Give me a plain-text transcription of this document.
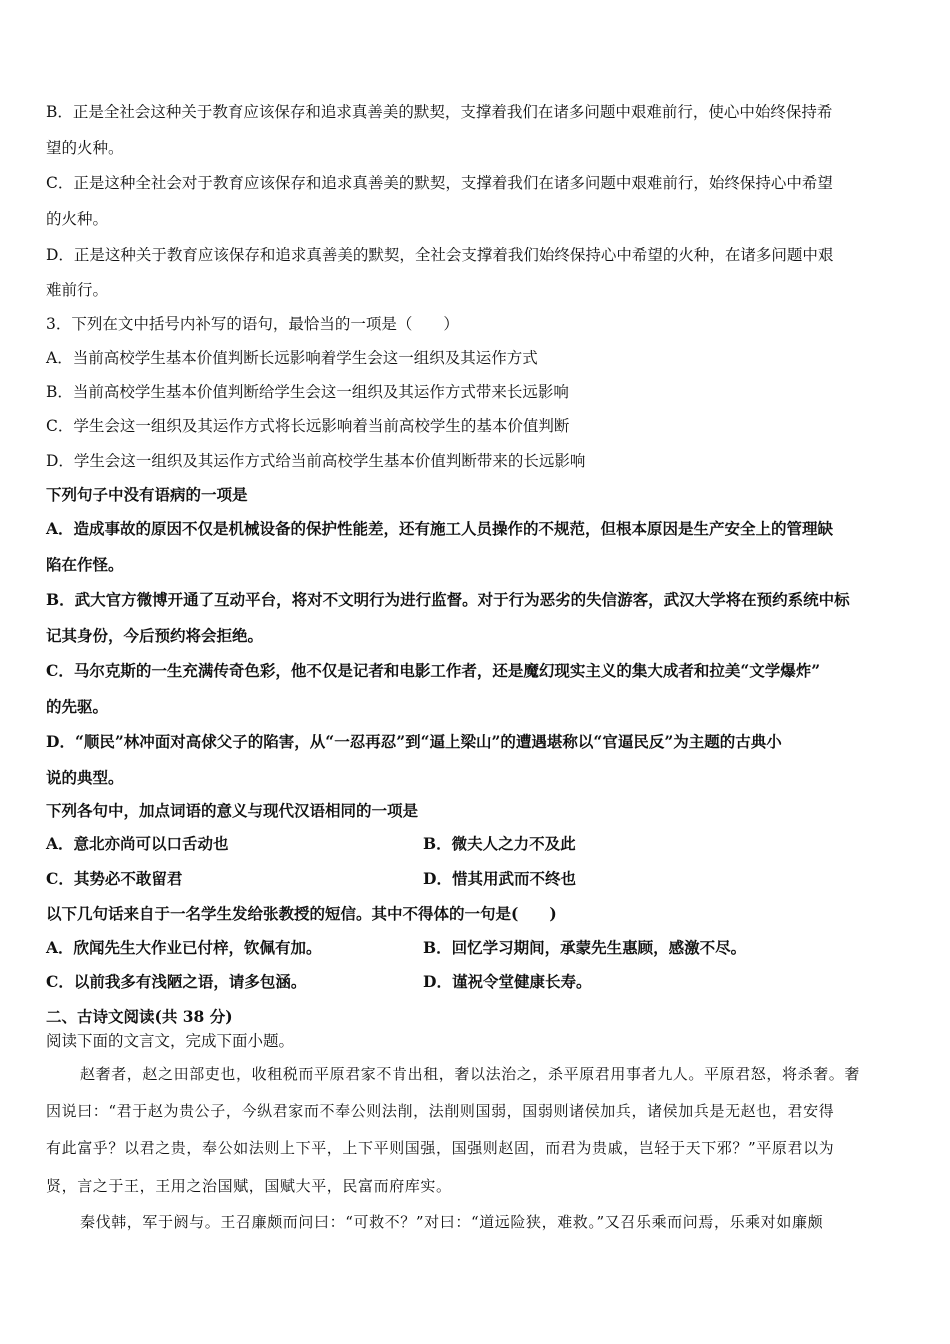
B．正是全社会这种关于教育应该保存和追求真善美的默契，支撑着我们在诸多问题中艰难前行，使心中始终保持希
望的火种。
C．正是这种全社会对于教育应该保存和追求真善美的默契，支撑着我们在诸多问题中艰难前行，始终保持心中希望
的火种。
D．正是这种关于教育应该保存和追求真善美的默契，全社会支撑着我们始终保持心中希望的火种，在诸多问题中艰
难前行。
3．下列在文中括号内补写的语句，最恰当的一项是（　　）
A．当前高校学生基本价值判断长远影响着学生会这一组织及其运作方式
B．当前高校学生基本价值判断给学生会这一组织及其运作方式带来长远影响
C．学生会这一组织及其运作方式将长远影响着当前高校学生的基本价值判断
D．学生会这一组织及其运作方式给当前高校学生基本价值判断带来的长远影响
下列句子中没有语病的一项是
A．造成事故的原因不仅是机械设备的保护性能差，还有施工人员操作的不规范，但根本原因是生产安全上的管理缺
陷在作怪。
B．武大官方微博开通了互动平台，将对不文明行为进行监督。对于行为恶劣的失信游客，武汉大学将在预约系统中标
记其身份，今后预约将会拒绝。
C．马尔克斯的一生充满传奇色彩，他不仅是记者和电影工作者，还是魔幻现实主义的集大成者和拉美“文学爆炸”
的先驱。
D．“顺民”林冲面对高俅父子的陷害，从“一忍再忍”到“逼上梁山”的遭遇堪称以“官逼民反”为主题的古典小
说的典型。
下列各句中，加点词语的意义与现代汉语相同的一项是
A．意北亦尚可以口舌动也	B．微夫人之力不及此
C．其势必不敢留君	D．惜其用武而不终也
以下几句话来自于一名学生发给张教授的短信。其中不得体的一句是(　　)
A．欣闻先生大作业已付梓，钦佩有加。	B．回忆学习期间，承蒙先生惠顾，感激不尽。
C．以前我多有浅陋之语，请多包涵。	D．谨祝令堂健康长寿。
二、古诗文阅读(共 38 分)
阅读下面的文言文，完成下面小题。
赵奢者，赵之田部吏也，收租税而平原君家不肯出租，奢以法治之，杀平原君用事者九人。平原君怒，将杀奢。奢
因说曰：“君于赵为贵公子，今纵君家而不奉公则法削，法削则国弱，国弱则诸侯加兵，诸侯加兵是无赵也，君安得
有此富乎？以君之贵，奉公如法则上下平，上下平则国强，国强则赵固，而君为贵戚，岂轻于天下邪？”平原君以为
贤，言之于王，王用之治国赋，国赋大平，民富而府库实。
秦伐韩，军于阏与。王召廉颇而问曰：“可救不？”对曰：“道远险狭，难救。”又召乐乘而问焉，乐乘对如廉颇
